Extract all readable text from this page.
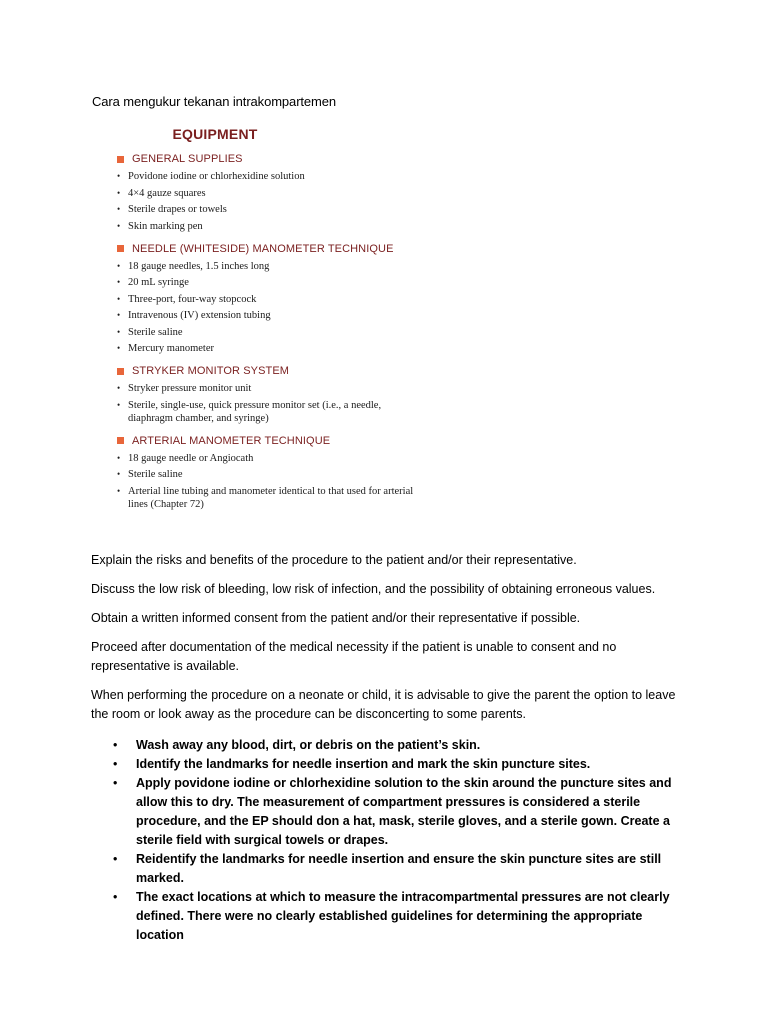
Cara mengukur tekanan intrakompartemen
EQUIPMENT
GENERAL SUPPLIES
• Povidone iodine or chlorhexidine solution
• 4×4 gauze squares
• Sterile drapes or towels
• Skin marking pen
NEEDLE (WHITESIDE) MANOMETER TECHNIQUE
• 18 gauge needles, 1.5 inches long
• 20 mL syringe
• Three-port, four-way stopcock
• Intravenous (IV) extension tubing
• Sterile saline
• Mercury manometer
STRYKER MONITOR SYSTEM
• Stryker pressure monitor unit
• Sterile, single-use, quick pressure monitor set (i.e., a needle, diaphragm chamber, and syringe)
ARTERIAL MANOMETER TECHNIQUE
• 18 gauge needle or Angiocath
• Sterile saline
• Arterial line tubing and manometer identical to that used for arterial lines (Chapter 72)

Explain the risks and benefits of the procedure to the patient and/or their representative.

Discuss the low risk of bleeding, low risk of infection, and the possibility of obtaining erroneous values.

Obtain a written informed consent from the patient and/or their representative if possible.

Proceed after documentation of the medical necessity if the patient is unable to consent and no representative is available.

When performing the procedure on a neonate or child, it is advisable to give the parent the option to leave the room or look away as the procedure can be disconcerting to some parents.

• Wash away any blood, dirt, or debris on the patient’s skin.
• Identify the landmarks for needle insertion and mark the skin puncture sites.
• Apply povidone iodine or chlorhexidine solution to the skin around the puncture sites and allow this to dry. The measurement of compartment pressures is considered a sterile procedure, and the EP should don a hat, mask, sterile gloves, and a sterile gown. Create a sterile field with surgical towels or drapes.
• Reidentify the landmarks for needle insertion and ensure the skin puncture sites are still marked.
• The exact locations at which to measure the intracompartmental pressures are not clearly defined. There were no clearly established guidelines for determining the appropriate location
